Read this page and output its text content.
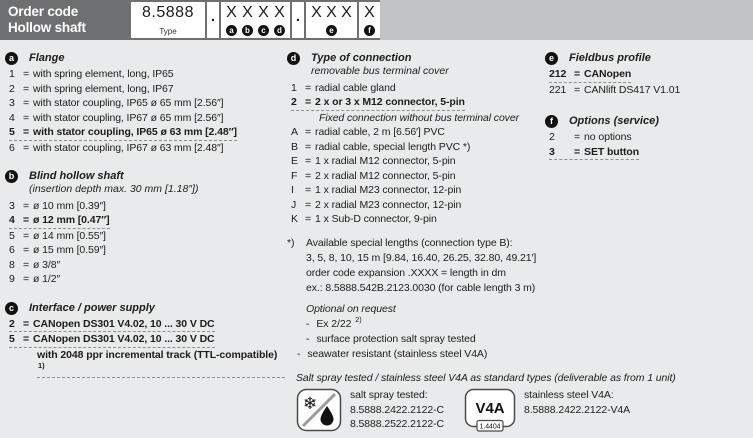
Order code
Hollow shaft
8.5888
Type
. X
a
X
b
X
c
X
d
. X X X
e
X
f
a	Flange
1 = with spring element, long, IP65
2 = with spring element, long, IP67
3 = with stator coupling, IP65 ø 65 mm [2.56″]
4 = with stator coupling, IP67 ø 65 mm [2.56″]
5 = with stator coupling, IP65 ø 63 mm [2.48″]
6 = with stator coupling, IP67 ø 63 mm [2.48″]
b	Blind hollow shaft
(insertion depth max. 30 mm [1.18″])
3 = ø 10 mm [0.39″]
4 = ø 12 mm [0.47″]
5 = ø 14 mm [0.55″]
6 = ø 15 mm [0.59″]
8 = ø 3/8″
9 = ø 1/2″
c	Interface / power supply
2 = CANopen DS301 V4.02, 10 ... 30 V DC
5 = CANopen DS301 V4.02, 10 ... 30 V DC
with 2048 ppr incremental track (TTL-compatible) $^{1)}$
d	Type of connection
removable bus terminal cover
1 = radial cable gland
2 = 2 x or 3 x M12 connector, 5-pin
Fixed connection without bus terminal cover
A = radial cable, 2 m [6.56′] PVC
B = radial cable, special length PVC *)
E = 1 x radial M12 connector, 5-pin
F = 2 x radial M12 connector, 5-pin
I	= 1 x radial M23 connector, 12-pin
J = 2 x radial M23 connector, 12-pin
K = 1 x Sub-D connector, 9-pin
*)	Available special lengths (connection type B):
3, 5, 8, 10, 15 m [9.84, 16.40, 26.25, 32.80, 49.21′]
order code expansion .XXXX = length in dm
ex.: 8.5888.542B.2123.0030 (for cable length 3 m)
Optional on request
- Ex 2/22 $^{2)}$
- surface protection salt spray tested
- seawater resistant (stainless steel V4A)
e	Fieldbus profile
212 = CANopen
221 = CANlift DS417 V1.01
f	Options (service)
2	= no options
3	= SET button
Salt spray tested / stainless steel V4A as standard types (deliverable as from 1 unit)
❄	salt spray tested:
8.5888.2422.2122-C
8.5888.2522.2122-C
V4A
1.4404
stainless steel V4A:
8.5888.2422.2122-V4A
